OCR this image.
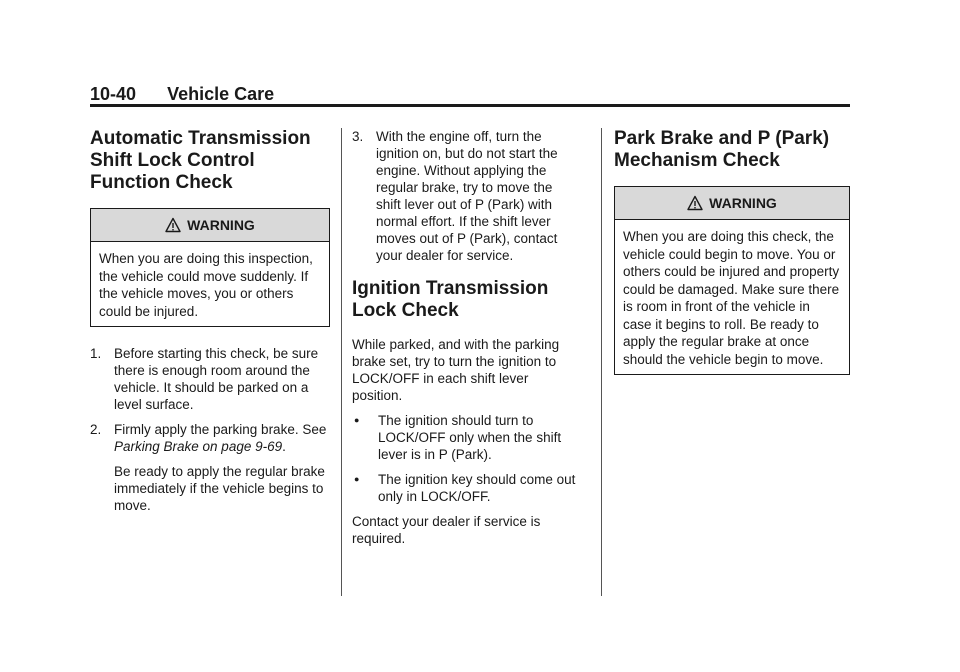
10-40 Vehicle Care
Automatic Transmission
Shift Lock Control
Function Check
WARNING
When you are doing this inspection, the vehicle could move suddenly. If the vehicle moves, you or others could be injured.
1. Before starting this check, be sure there is enough room around the vehicle. It should be parked on a level surface.
2. Firmly apply the parking brake. See Parking Brake on page 9-69.
Be ready to apply the regular brake immediately if the vehicle begins to move.
3. With the engine off, turn the ignition on, but do not start the engine. Without applying the regular brake, try to move the shift lever out of P (Park) with normal effort. If the shift lever moves out of P (Park), contact your dealer for service.
Ignition Transmission
Lock Check

While parked, and with the parking brake set, try to turn the ignition to LOCK/OFF in each shift lever position.

●	The ignition should turn to LOCK/OFF only when the shift lever is in P (Park).
●	The ignition key should come out only in LOCK/OFF.

Contact your dealer if service is required.

Park Brake and P (Park)
Mechanism Check
WARNING
When you are doing this check, the vehicle could begin to move. You or others could be injured and property could be damaged. Make sure there is room in front of the vehicle in case it begins to roll. Be ready to apply the regular brake at once should the vehicle begin to move.
